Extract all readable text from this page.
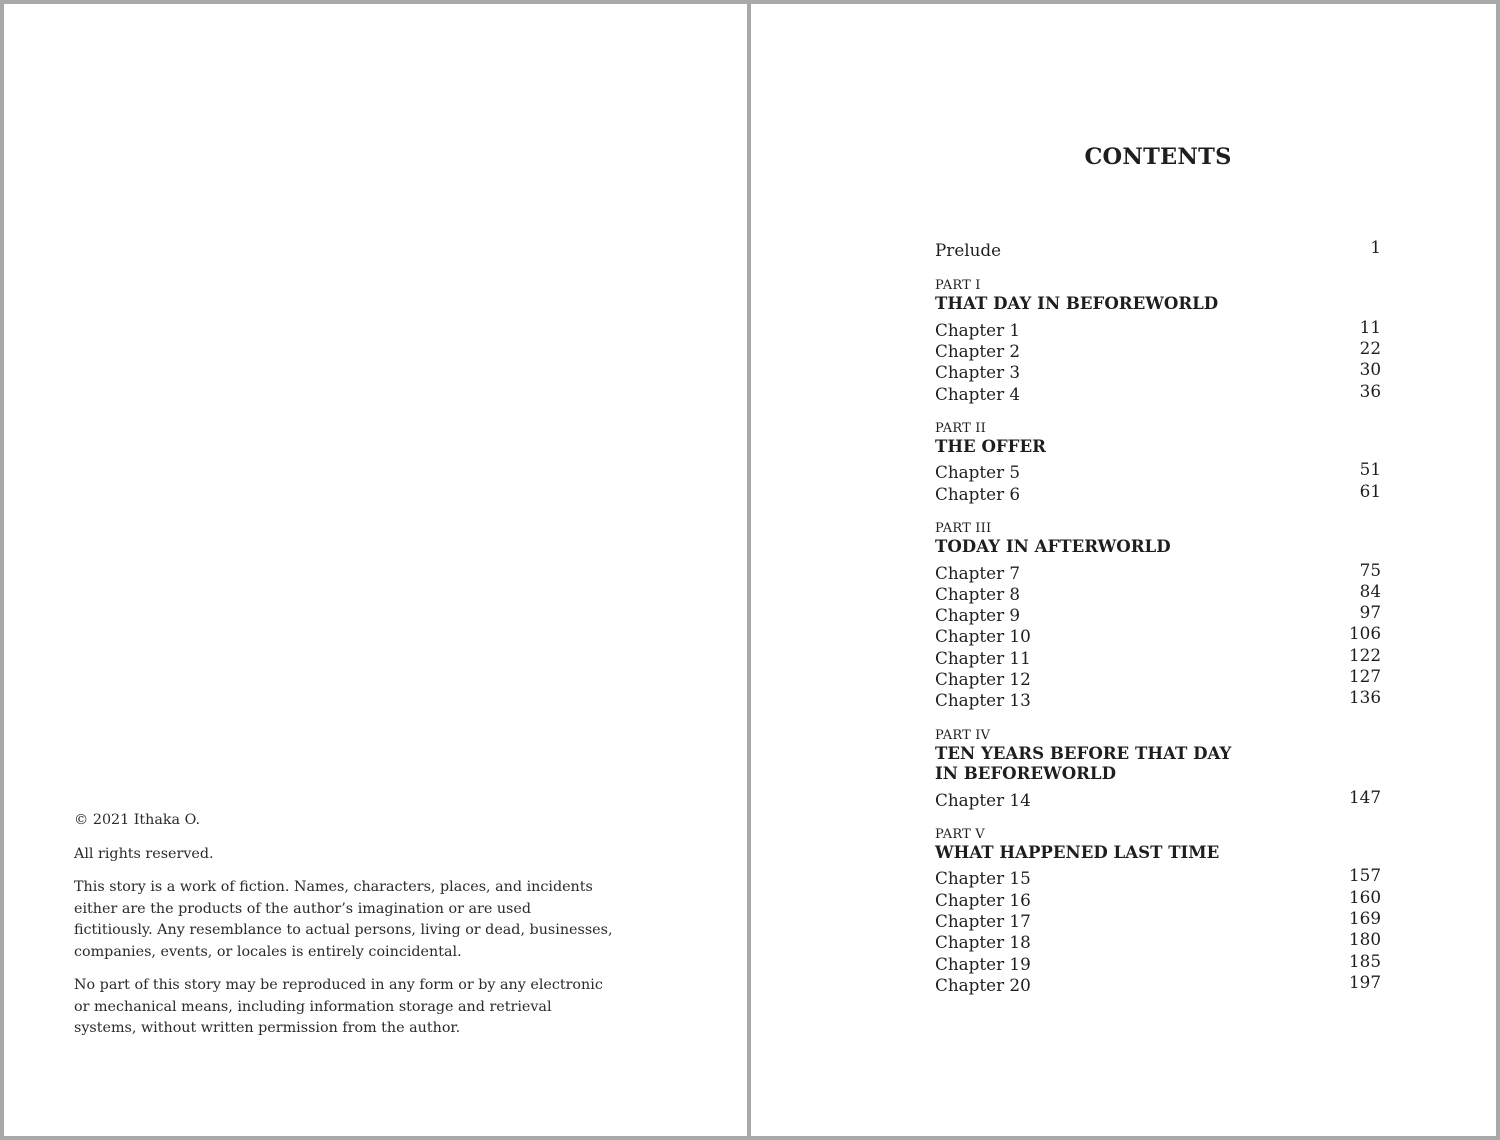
© 2021 Ithaka O.

All rights reserved.

This story is a work of fiction. Names, characters, places, and incidents either are the products of the author’s imagination or are used fictitiously. Any resemblance to actual persons, living or dead, businesses, companies, events, or locales is entirely coincidental.

No part of this story may be reproduced in any form or by any electronic or mechanical means, including information storage and retrieval systems, without written permission from the author.

CONTENTS
Prelude	1
PART I
THAT DAY IN BEFOREWORLD
Chapter 1	11
Chapter 2	22
Chapter 3	30
Chapter 4	36
PART II
THE OFFER
Chapter 5	51
Chapter 6	61
PART III
TODAY IN AFTERWORLD
Chapter 7	75
Chapter 8	84
Chapter 9	97
Chapter 10	106
Chapter 11	122
Chapter 12	127
Chapter 13	136
PART IV
TEN YEARS BEFORE THAT DAY IN BEFOREWORLD
Chapter 14	147
PART V
WHAT HAPPENED LAST TIME
Chapter 15	157
Chapter 16	160
Chapter 17	169
Chapter 18	180
Chapter 19	185
Chapter 20	197
